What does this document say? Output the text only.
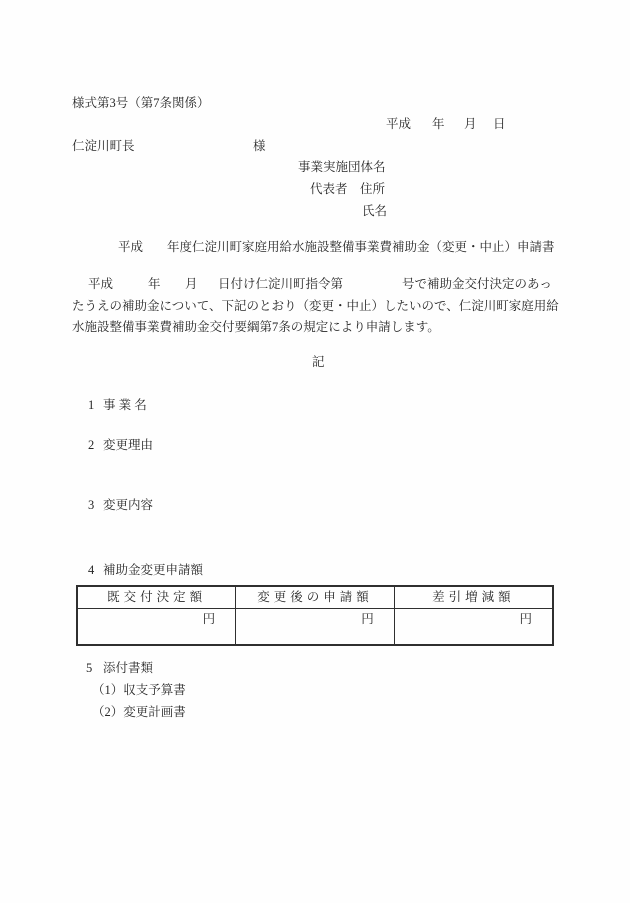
様式第3号（第7条関係）
平成 年 月 日
仁淀川町長	様
事業実施団体名
代表者 住所
氏名
平成 年度仁淀川町家庭用給水施設整備事業費補助金（変更・中止）申請書
平成	年 月 日付け仁淀川町指令第	号で補助金交付決定のあっ
たうえの補助金について、下記のとおり（変更・中止）したいので、仁淀川町家庭用給
水施設整備事業費補助金交付要綱第7条の規定により申請します。
記
1 事 業 名
2 変更理由
3 変更内容
4 補助金変更申請額
既交付決定額	変更後の申請額	差引増減額
円	円	円
5 添付書類
（1）収支予算書
（2）変更計画書
